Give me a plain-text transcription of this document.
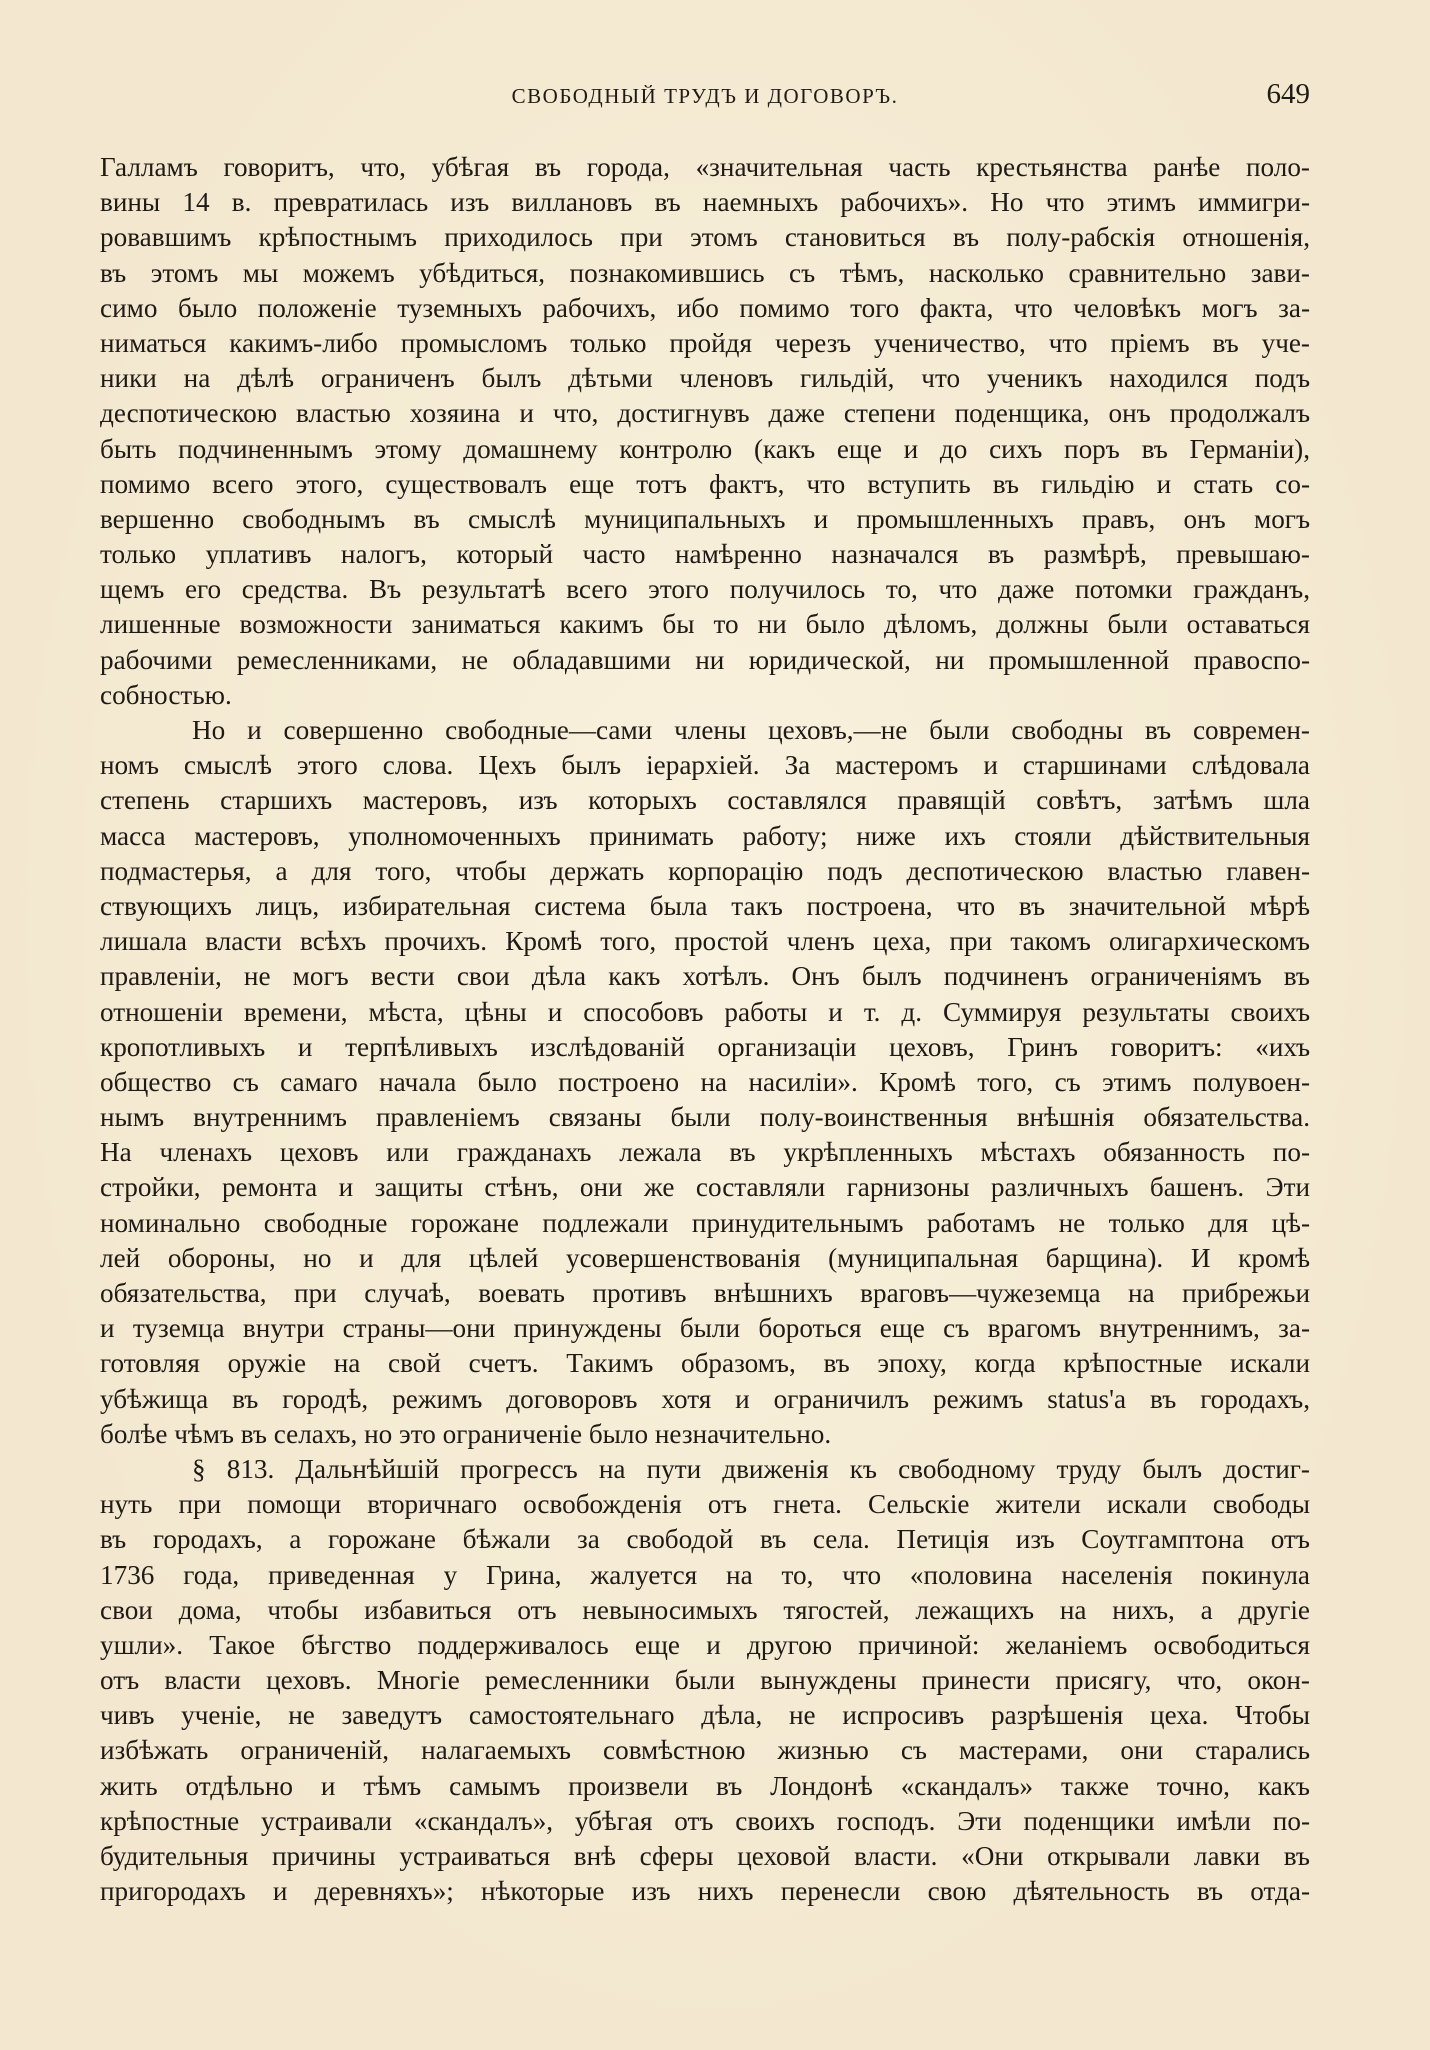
СВОБОДНЫЙ ТРУДЪ И ДОГОВОРЪ.	649
Галламъ говоритъ, что, убѣгая въ города, «значительная часть крестьянства ранѣе поло-
вины 14 в. превратилась изъ виллановъ въ наемныхъ рабочихъ». Но что этимъ иммигри-
ровавшимъ крѣпостнымъ приходилось при этомъ становиться въ полу-рабскія отношенія,
въ этомъ мы можемъ убѣдиться, познакомившись съ тѣмъ, насколько сравнительно зави-
симо было положеніе туземныхъ рабочихъ, ибо помимо того факта, что человѣкъ могъ за-
ниматься какимъ-либо промысломъ только пройдя черезъ ученичество, что пріемъ въ уче-
ники на дѣлѣ ограниченъ былъ дѣтьми членовъ гильдій, что ученикъ находился подъ
деспотическою властью хозяина и что, достигнувъ даже степени поденщика, онъ продолжалъ
быть подчиненнымъ этому домашнему контролю (какъ еще и до сихъ поръ въ Германіи),
помимо всего этого, существовалъ еще тотъ фактъ, что вступить въ гильдію и стать со-
вершенно свободнымъ въ смыслѣ муниципальныхъ и промышленныхъ правъ, онъ могъ
только уплативъ налогъ, который часто намѣренно назначался въ размѣрѣ, превышаю-
щемъ его средства. Въ результатѣ всего этого получилось то, что даже потомки гражданъ,
лишенные возможности заниматься какимъ бы то ни было дѣломъ, должны были оставаться
рабочими ремесленниками, не обладавшими ни юридической, ни промышленной правоспо-
собностью.
Но и совершенно свободные—сами члены цеховъ,—не были свободны въ современ-
номъ смыслѣ этого слова. Цехъ былъ іерархіей. За мастеромъ и старшинами слѣдовала
степень старшихъ мастеровъ, изъ которыхъ составлялся правящій совѣтъ, затѣмъ шла
масса мастеровъ, уполномоченныхъ принимать работу; ниже ихъ стояли дѣйствительныя
подмастерья, а для того, чтобы держать корпорацію подъ деспотическою властью главен-
ствующихъ лицъ, избирательная система была такъ построена, что въ значительной мѣрѣ
лишала власти всѣхъ прочихъ. Кромѣ того, простой членъ цеха, при такомъ олигархическомъ
правленіи, не могъ вести свои дѣла какъ хотѣлъ. Онъ былъ подчиненъ ограниченіямъ въ
отношеніи времени, мѣста, цѣны и способовъ работы и т. д. Суммируя результаты своихъ
кропотливыхъ и терпѣливыхъ изслѣдованій организаціи цеховъ, Гринъ говоритъ: «ихъ
общество съ самаго начала было построено на насиліи». Кромѣ того, съ этимъ полувоен-
нымъ внутреннимъ правленіемъ связаны были полу-воинственныя внѣшнія обязательства.
На членахъ цеховъ или гражданахъ лежала въ укрѣпленныхъ мѣстахъ обязанность по-
стройки, ремонта и защиты стѣнъ, они же составляли гарнизоны различныхъ башенъ. Эти
номинально свободные горожане подлежали принудительнымъ работамъ не только для цѣ-
лей обороны, но и для цѣлей усовершенствованія (муниципальная барщина). И кромѣ
обязательства, при случаѣ, воевать противъ внѣшнихъ враговъ—чужеземца на прибрежьи
и туземца внутри страны—они принуждены были бороться еще съ врагомъ внутреннимъ, за-
готовляя оружіе на свой счетъ. Такимъ образомъ, въ эпоху, когда крѣпостные искали
убѣжища въ городѣ, режимъ договоровъ хотя и ограничилъ режимъ status'а въ городахъ,
болѣе чѣмъ въ селахъ, но это ограниченіе было незначительно.
§ 813. Дальнѣйшій прогрессъ на пути движенія къ свободному труду былъ достиг-
нуть при помощи вторичнаго освобожденія отъ гнета. Сельскіе жители искали свободы
въ городахъ, а горожане бѣжали за свободой въ села. Петиція изъ Соутгамптона отъ
1736 года, приведенная у Грина, жалуется на то, что «половина населенія покинула
свои дома, чтобы избавиться отъ невыносимыхъ тягостей, лежащихъ на нихъ, а другіе
ушли». Такое бѣгство поддерживалось еще и другою причиной: желаніемъ освободиться
отъ власти цеховъ. Многіе ремесленники были вынуждены принести присягу, что, окон-
чивъ ученіе, не заведутъ самостоятельнаго дѣла, не испросивъ разрѣшенія цеха. Чтобы
избѣжать ограниченій, налагаемыхъ совмѣстною жизнью съ мастерами, они старались
жить отдѣльно и тѣмъ самымъ произвели въ Лондонѣ «скандалъ» также точно, какъ
крѣпостные устраивали «скандалъ», убѣгая отъ своихъ господъ. Эти поденщики имѣли по-
будительныя причины устраиваться внѣ сферы цеховой власти. «Они открывали лавки въ
пригородахъ и деревняхъ»; нѣкоторые изъ нихъ перенесли свою дѣятельность въ отда-
